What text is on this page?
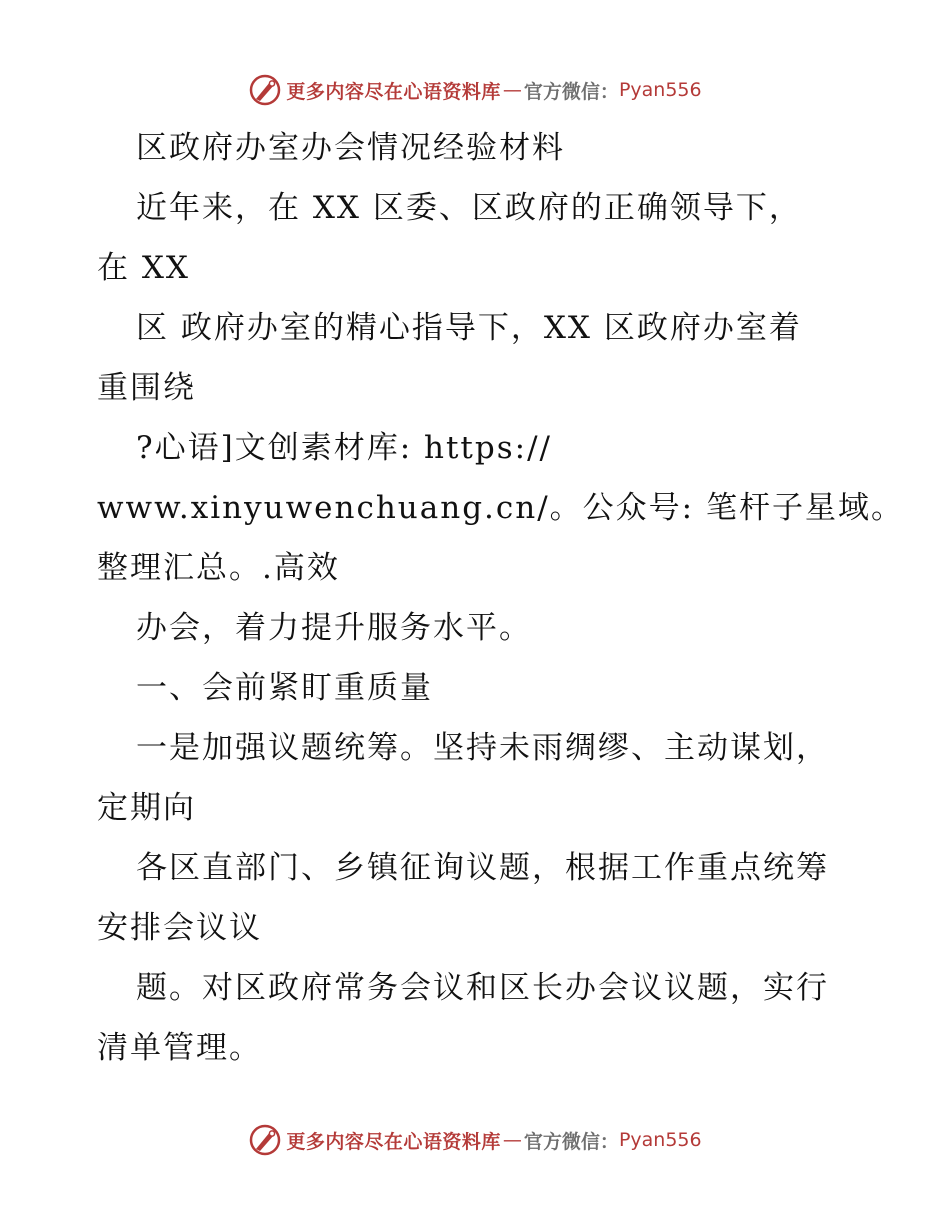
更多内容尽在心语资料库 — 官方微信： Pyan556

区政府办室办会情况经验材料

近年来，在 XX 区委、区政府的正确领导下，

在 XX

区 政府办室的精心指导下，XX 区政府办室着

重围绕

?心语]文创素材库: https://

www.xinyuwenchuang.cn/。公众号: 笔杆子星域。

整理汇总。.高效

办会，着力提升服务水平。

一、会前紧盯重质量

一是加强议题统筹。坚持未雨绸缪、主动谋划，

定期向

各区直部门、乡镇征询议题，根据工作重点统筹

安排会议议

题。对区政府常务会议和区长办会议议题，实行

清单管理。

更多内容尽在心语资料库 — 官方微信： Pyan556
